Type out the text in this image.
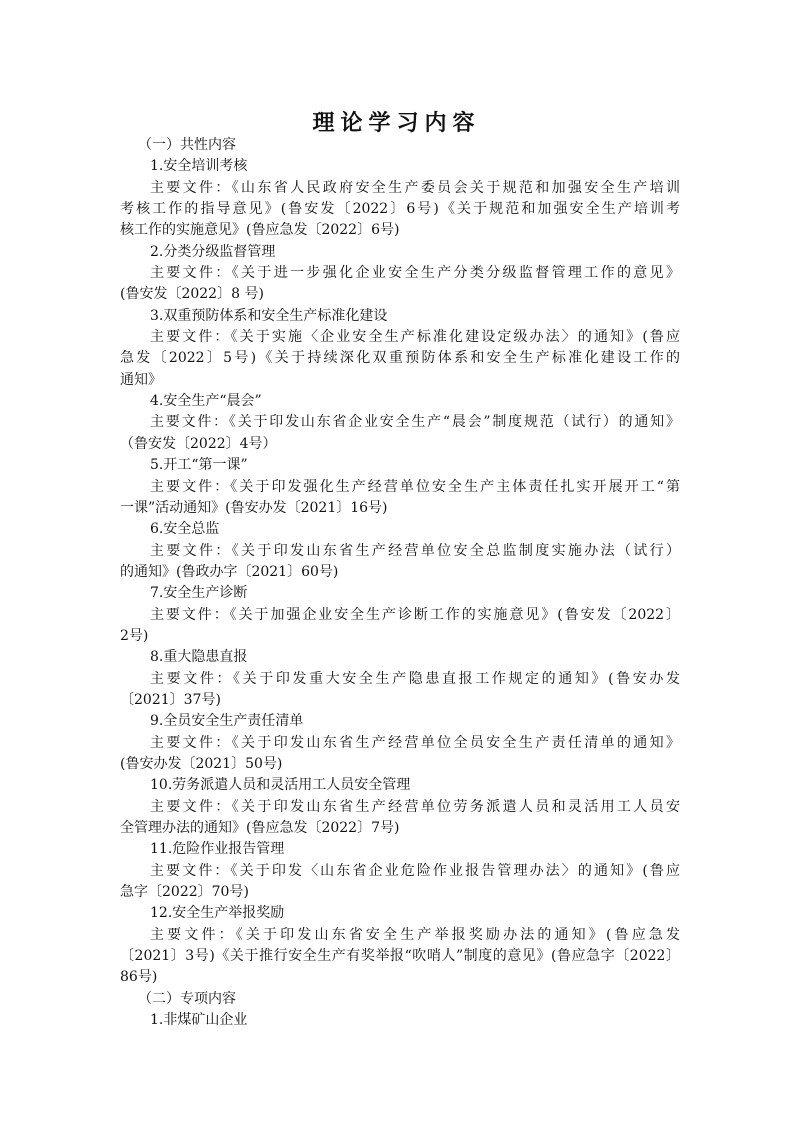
理论学习内容

（一）共性内容

1.安全培训考核

主要文件：《山东省人民政府安全生产委员会关于规范和加强安全生产培训

考核工作的指导意见》(鲁安发〔2022〕6号)《关于规范和加强安全生产培训考

核工作的实施意见》(鲁应急发〔2022〕6号)

2.分类分级监督管理

主要文件：《关于进一步强化企业安全生产分类分级监督管理工作的意见》

(鲁安发〔2022〕8 号)

3.双重预防体系和安全生产标准化建设

主要文件：《关于实施〈企业安全生产标准化建设定级办法〉的通知》(鲁应

急发〔2022〕5号)《关于持续深化双重预防体系和安全生产标准化建设工作的

通知》

4.安全生产“晨会”

主要文件：《关于印发山东省企业安全生产“晨会”制度规范（试行）的通知》

（鲁安发〔2022〕4号）

5.开工“第一课”

主要文件：《关于印发强化生产经营单位安全生产主体责任扎实开展开工“第

一课”活动通知》(鲁安办发〔2021〕16号)

6.安全总监

主要文件：《关于印发山东省生产经营单位安全总监制度实施办法（试行）

的通知》(鲁政办字〔2021〕60号)

7.安全生产诊断

主要文件：《关于加强企业安全生产诊断工作的实施意见》(鲁安发〔2022〕

2号)

8.重大隐患直报

主要文件：《关于印发重大安全生产隐患直报工作规定的通知》(鲁安办发

〔2021〕37号)

9.全员安全生产责任清单

主要文件：《关于印发山东省生产经营单位全员安全生产责任清单的通知》

(鲁安办发〔2021〕50号)

10.劳务派遣人员和灵活用工人员安全管理

主要文件：《关于印发山东省生产经营单位劳务派遣人员和灵活用工人员安

全管理办法的通知》(鲁应急发〔2022〕7号)

11.危险作业报告管理

主要文件：《关于印发〈山东省企业危险作业报告管理办法〉的通知》(鲁应

急字〔2022〕70号)

12.安全生产举报奖励

主要文件：《关于印发山东省安全生产举报奖励办法的通知》(鲁应急发

〔2021〕3号)《关于推行安全生产有奖举报“吹哨人”制度的意见》(鲁应急字〔2022〕

86号)

（二）专项内容

1.非煤矿山企业
